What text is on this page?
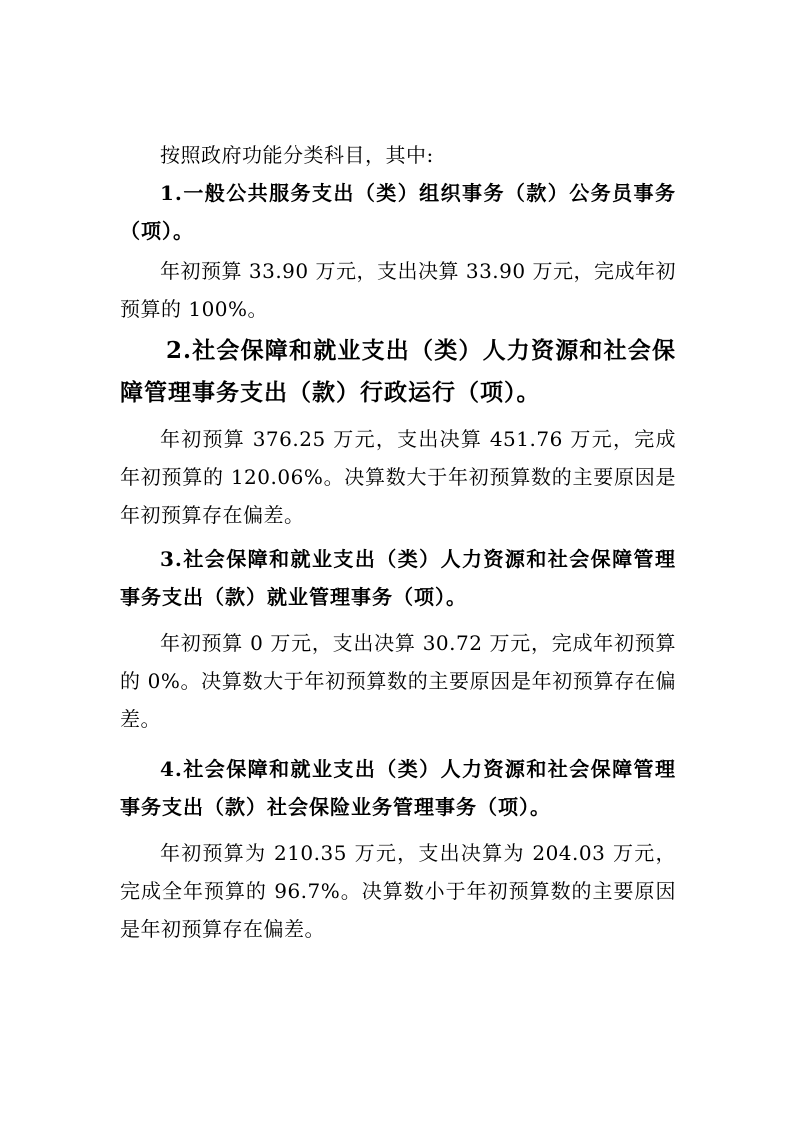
按照政府功能分类科目，其中:

1.一般公共服务支出（类）组织事务（款）公务员事务（项）。

年初预算 33.90 万元，支出决算 33.90 万元，完成年初预算的 100%。

2.社会保障和就业支出（类）人力资源和社会保障管理事务支出（款）行政运行（项）。

年初预算 376.25 万元，支出决算 451.76 万元，完成年初预算的 120.06%。决算数大于年初预算数的主要原因是年初预算存在偏差。

3.社会保障和就业支出（类）人力资源和社会保障管理事务支出（款）就业管理事务（项）。

年初预算 0 万元，支出决算 30.72 万元，完成年初预算的 0%。决算数大于年初预算数的主要原因是年初预算存在偏差。

4.社会保障和就业支出（类）人力资源和社会保障管理事务支出（款）社会保险业务管理事务（项）。

年初预算为 210.35 万元，支出决算为 204.03 万元，完成全年预算的 96.7%。决算数小于年初预算数的主要原因是年初预算存在偏差。
